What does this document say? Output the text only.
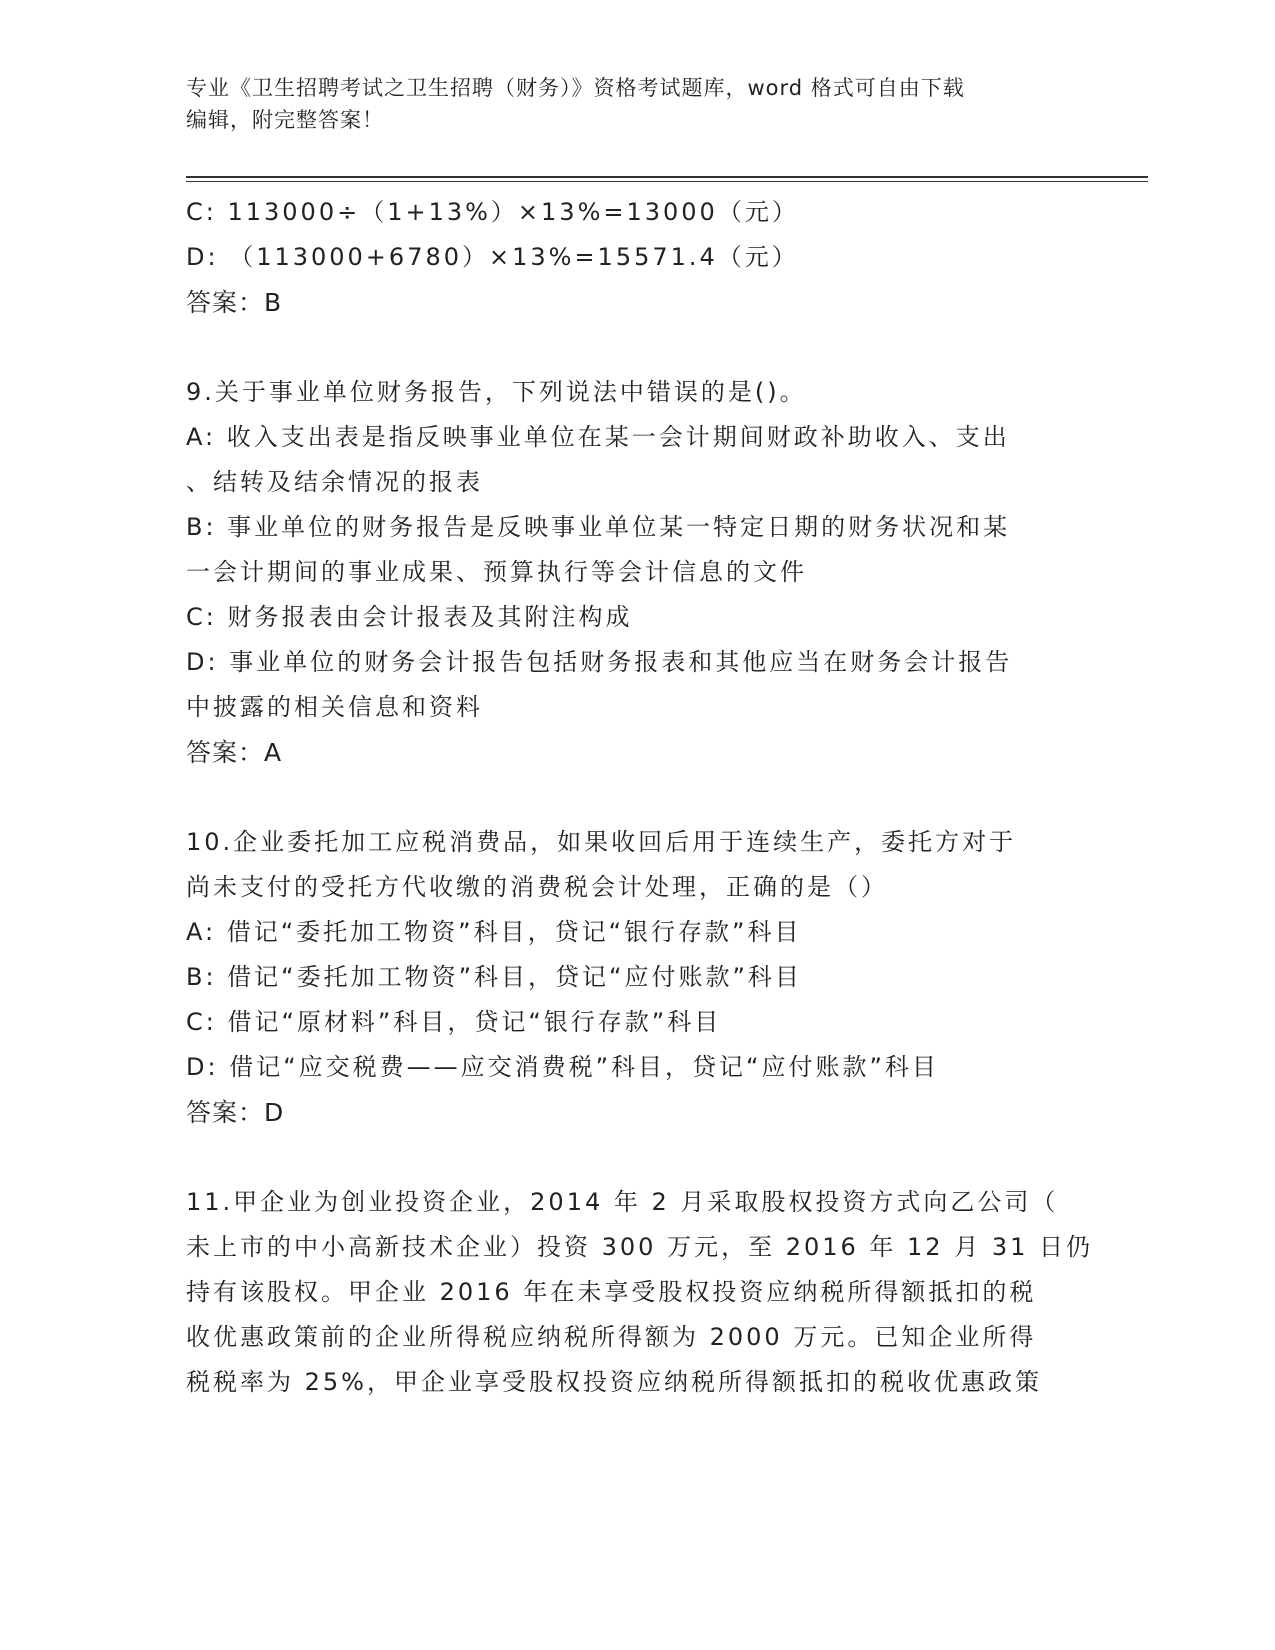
专业《卫生招聘考试之卫生招聘（财务）》资格考试题库，word 格式可自由下载
编辑，附完整答案！
C: 113000÷（1+13%）×13%=13000（元）
D: （113000+6780）×13%=15571.4（元）
答案：B
9.关于事业单位财务报告，下列说法中错误的是()。
A: 收入支出表是指反映事业单位在某一会计期间财政补助收入、支出
、结转及结余情况的报表
B: 事业单位的财务报告是反映事业单位某一特定日期的财务状况和某
一会计期间的事业成果、预算执行等会计信息的文件
C: 财务报表由会计报表及其附注构成
D: 事业单位的财务会计报告包括财务报表和其他应当在财务会计报告
中披露的相关信息和资料
答案：A
10.企业委托加工应税消费品，如果收回后用于连续生产，委托方对于
尚未支付的受托方代收缴的消费税会计处理，正确的是（）
A: 借记“委托加工物资”科目，贷记“银行存款”科目
B: 借记“委托加工物资”科目，贷记“应付账款”科目
C: 借记“原材料”科目，贷记“银行存款”科目
D: 借记“应交税费——应交消费税”科目，贷记“应付账款”科目
答案：D
11.甲企业为创业投资企业，2014 年 2 月采取股权投资方式向乙公司（
未上市的中小高新技术企业）投资 300 万元，至 2016 年 12 月 31 日仍
持有该股权。甲企业 2016 年在未享受股权投资应纳税所得额抵扣的税
收优惠政策前的企业所得税应纳税所得额为 2000 万元。已知企业所得
税税率为 25%，甲企业享受股权投资应纳税所得额抵扣的税收优惠政策
